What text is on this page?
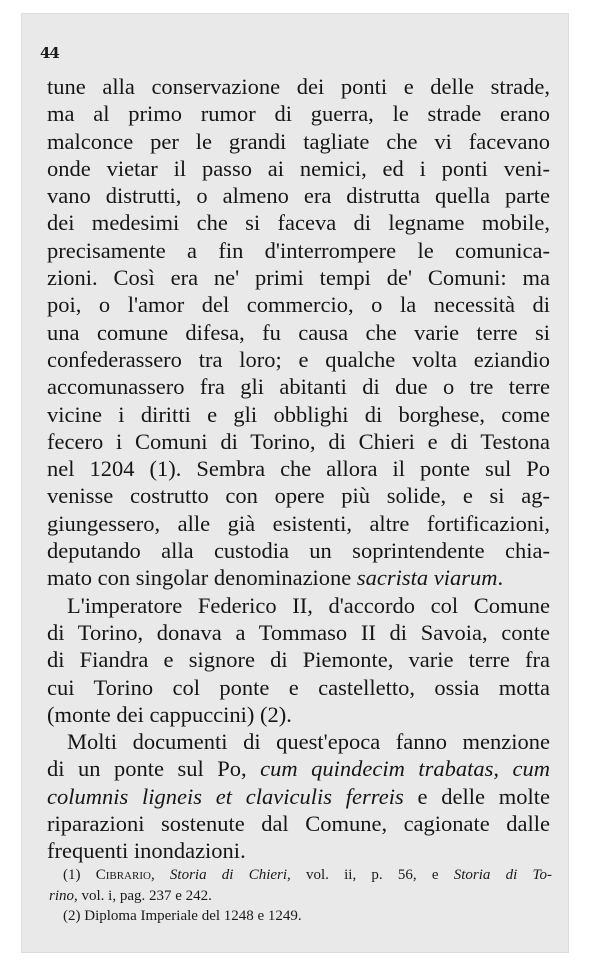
44
tune alla conservazione dei ponti e delle strade,
ma al primo rumor di guerra, le strade erano
malconce per le grandi tagliate che vi facevano
onde vietar il passo ai nemici, ed i ponti veni-
vano distrutti, o almeno era distrutta quella parte
dei medesimi che si faceva di legname mobile,
precisamente a fin d'interrompere le comunica-
zioni. Così era ne' primi tempi de' Comuni: ma
poi, o l'amor del commercio, o la necessità di
una comune difesa, fu causa che varie terre si
confederassero tra loro; e qualche volta eziandio
accomunassero fra gli abitanti di due o tre terre
vicine i diritti e gli obblighi di borghese, come
fecero i Comuni di Torino, di Chieri e di Testona
nel 1204 (1). Sembra che allora il ponte sul Po
venisse costrutto con opere più solide, e si ag-
giungessero, alle già esistenti, altre fortificazioni,
deputando alla custodia un soprintendente chia-
mato con singolar denominazione sacrista viarum.
L'imperatore Federico II, d'accordo col Comune
di Torino, donava a Tommaso II di Savoia, conte
di Fiandra e signore di Piemonte, varie terre fra
cui Torino col ponte e castelletto, ossia motta
(monte dei cappuccini) (2).
Molti documenti di quest'epoca fanno menzione
di un ponte sul Po, cum quindecim trabatas, cum
columnis ligneis et claviculis ferreis e delle molte
riparazioni sostenute dal Comune, cagionate dalle
frequenti inondazioni.
(1) Cibrario, Storia di Chieri, vol. ii, p. 56, e Storia di To-
rino, vol. i, pag. 237 e 242.
(2) Diploma Imperiale del 1248 e 1249.
